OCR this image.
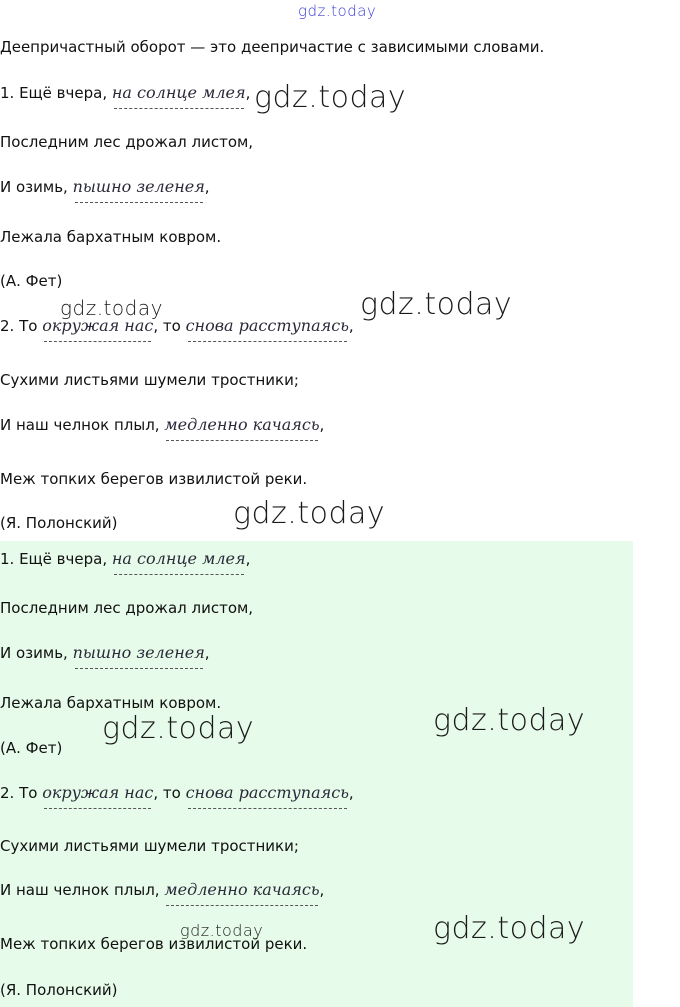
gdz.today
Деепричастный оборот — это деепричастие с зависимыми словами.
1. Ещё вчера, на солнце млея,
Последним лес дрожал листом,
И озимь, пышно зеленея,
Лежала бархатным ковром.
(А. Фет)
2. То окружая нас, то снова расступаясь,
Сухими листьями шумели тростники;
И наш челнок плыл, медленно качаясь,
Меж топких берегов извилистой реки.
(Я. Полонский)
1. Ещё вчера, на солнце млея,
Последним лес дрожал листом,
И озимь, пышно зеленея,
Лежала бархатным ковром.
(А. Фет)
2. То окружая нас, то снова расступаясь,
Сухими листьями шумели тростники;
И наш челнок плыл, медленно качаясь,
Меж топких берегов извилистой реки.
(Я. Полонский)
gdz.today
gdz.today	gdz.today
gdz.today
gdz.today	gdz.today
gdz.today	gdz.today
